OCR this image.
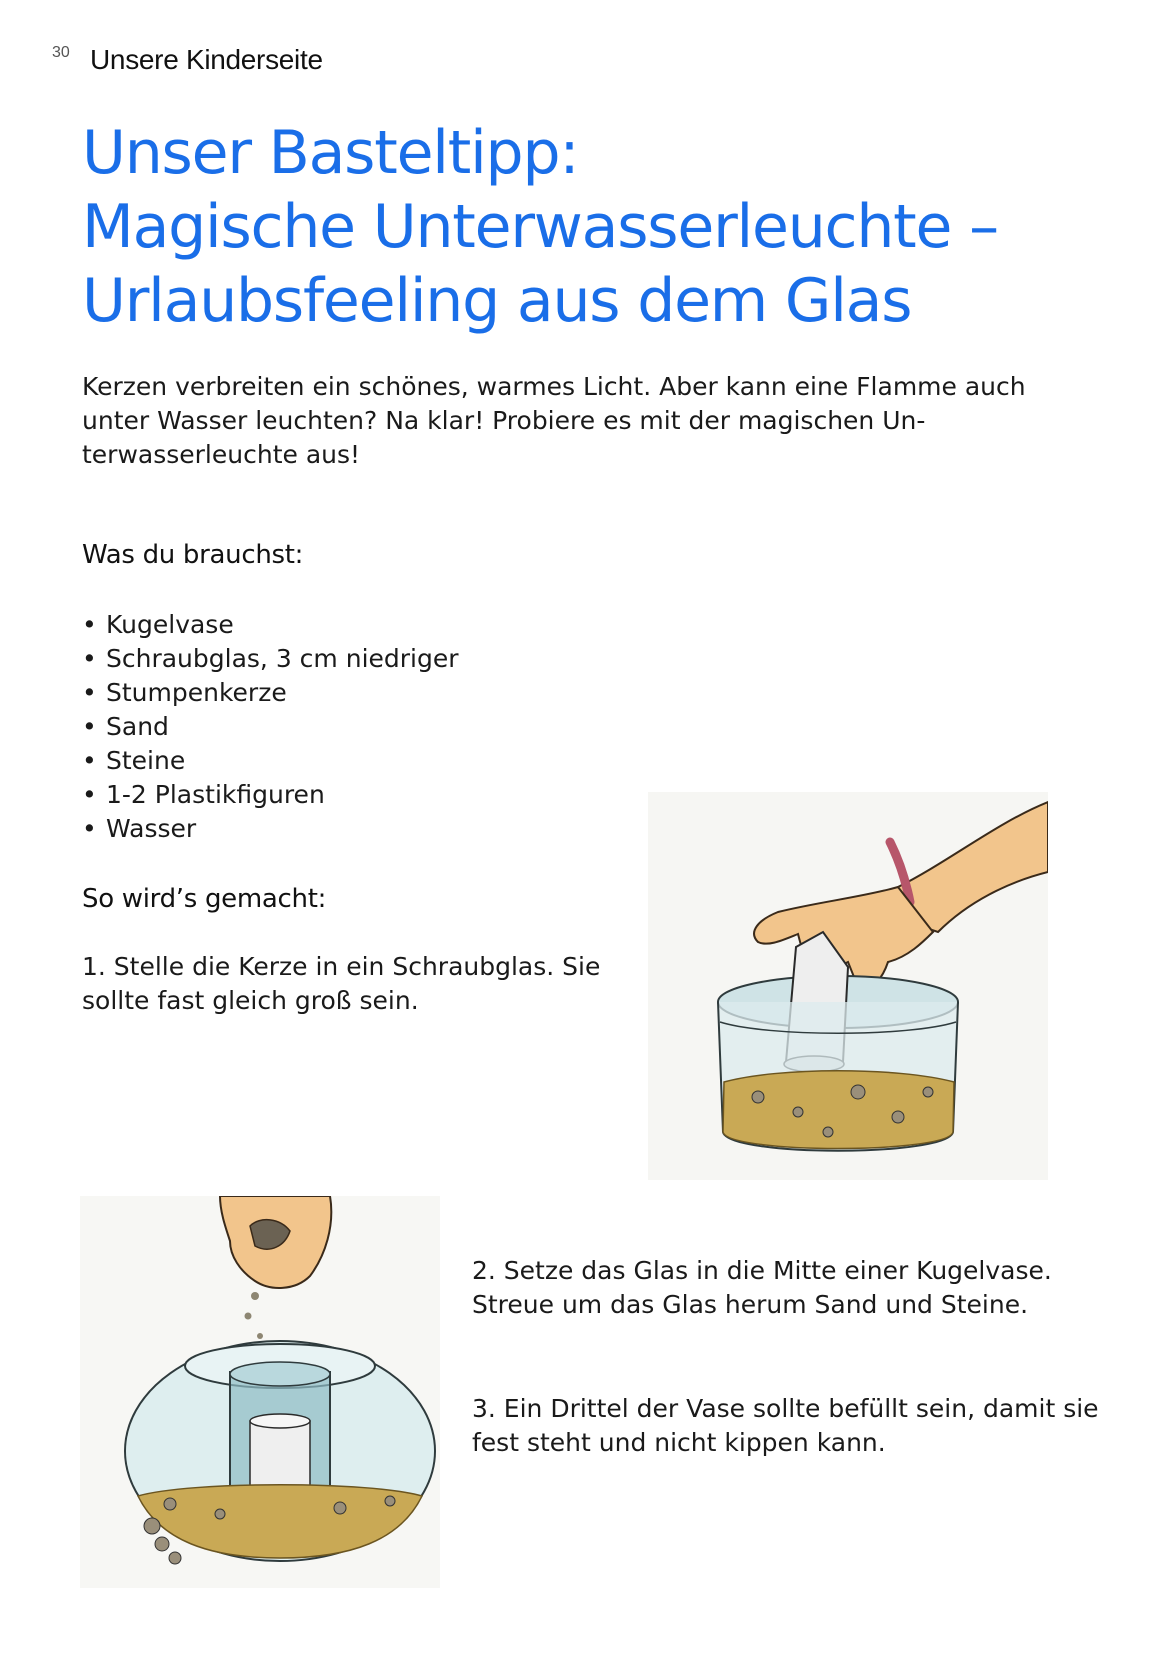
30 Unsere Kinderseite
Unser Basteltipp:
Magische Unterwasserleuchte –
Urlaubsfeeling aus dem Glas

Kerzen verbreiten ein schönes, warmes Licht. Aber kann eine Flamme auch unter Wasser leuchten? Na klar! Probiere es mit der magischen Unterwasserleuchte aus!

Was du brauchst:
• Kugelvase
• Schraubglas, 3 cm niedriger
• Stumpenkerze
• Sand
• Steine
• 1-2 Plastikfiguren
• Wasser
So wird’s gemacht:

1. Stelle die Kerze in ein Schraubglas. Sie sollte fast gleich groß sein.

2. Setze das Glas in die Mitte einer Kugelvase. Streue um das Glas herum Sand und Steine.

3. Ein Drittel der Vase sollte befüllt sein, damit sie fest steht und nicht kippen kann.
